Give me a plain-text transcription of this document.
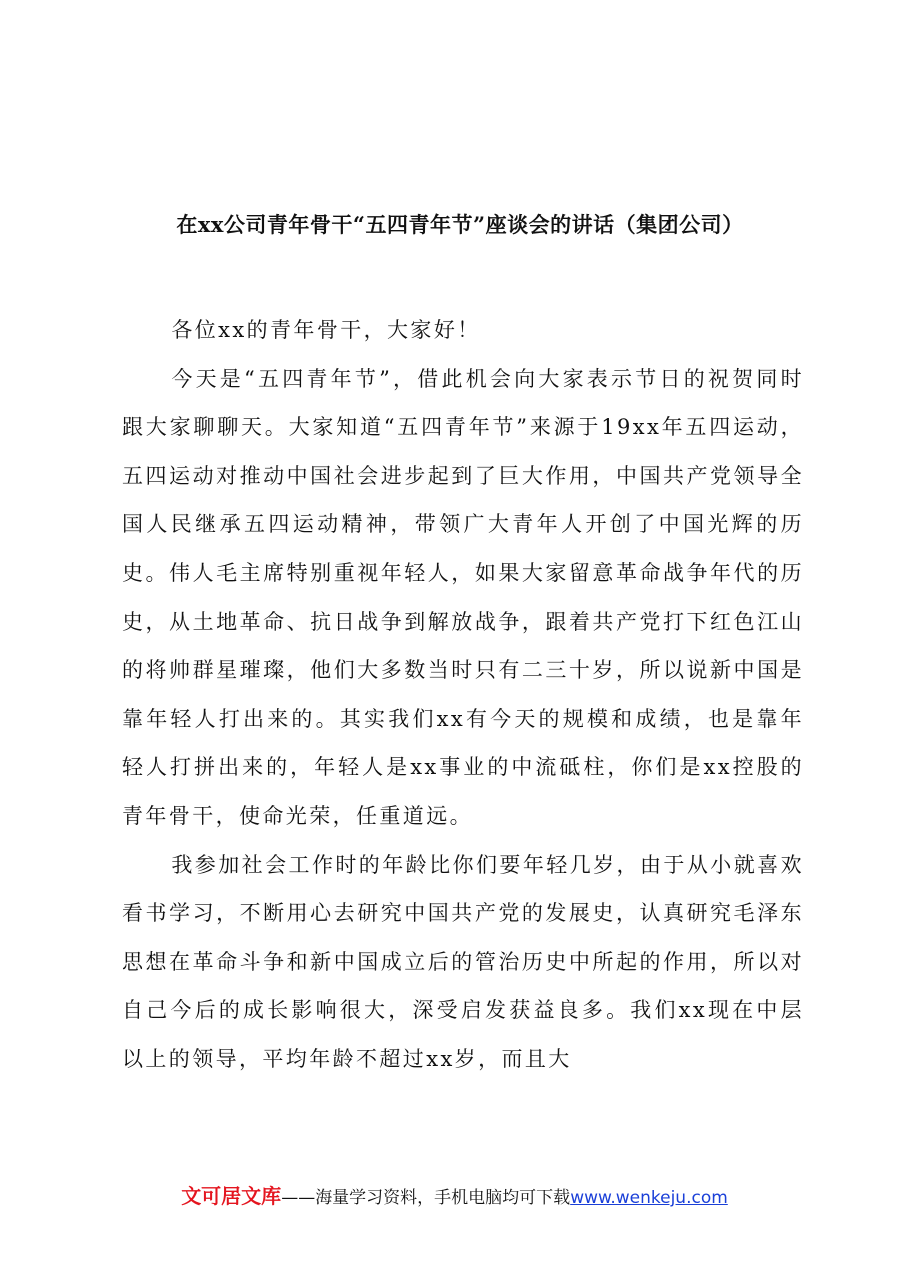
在xx公司青年骨干“五四青年节”座谈会的讲话（集团公司）

各位xx的青年骨干，大家好！

今天是“五四青年节”，借此机会向大家表示节日的祝贺同时跟大家聊聊天。大家知道“五四青年节”来源于19xx年五四运动，五四运动对推动中国社会进步起到了巨大作用，中国共产党领导全国人民继承五四运动精神，带领广大青年人开创了中国光辉的历史。伟人毛主席特别重视年轻人，如果大家留意革命战争年代的历史，从土地革命、抗日战争到解放战争，跟着共产党打下红色江山的将帅群星璀璨，他们大多数当时只有二三十岁，所以说新中国是靠年轻人打出来的。其实我们xx有今天的规模和成绩，也是靠年轻人打拼出来的，年轻人是xx事业的中流砥柱，你们是xx控股的青年骨干，使命光荣，任重道远。

我参加社会工作时的年龄比你们要年轻几岁，由于从小就喜欢看书学习，不断用心去研究中国共产党的发展史，认真研究毛泽东思想在革命斗争和新中国成立后的管治历史中所起的作用，所以对自己今后的成长影响很大，深受启发获益良多。我们xx现在中层以上的领导，平均年龄不超过xx岁，而且大

文可居文库——海量学习资料，手机电脑均可下载www.wenkeju.com
